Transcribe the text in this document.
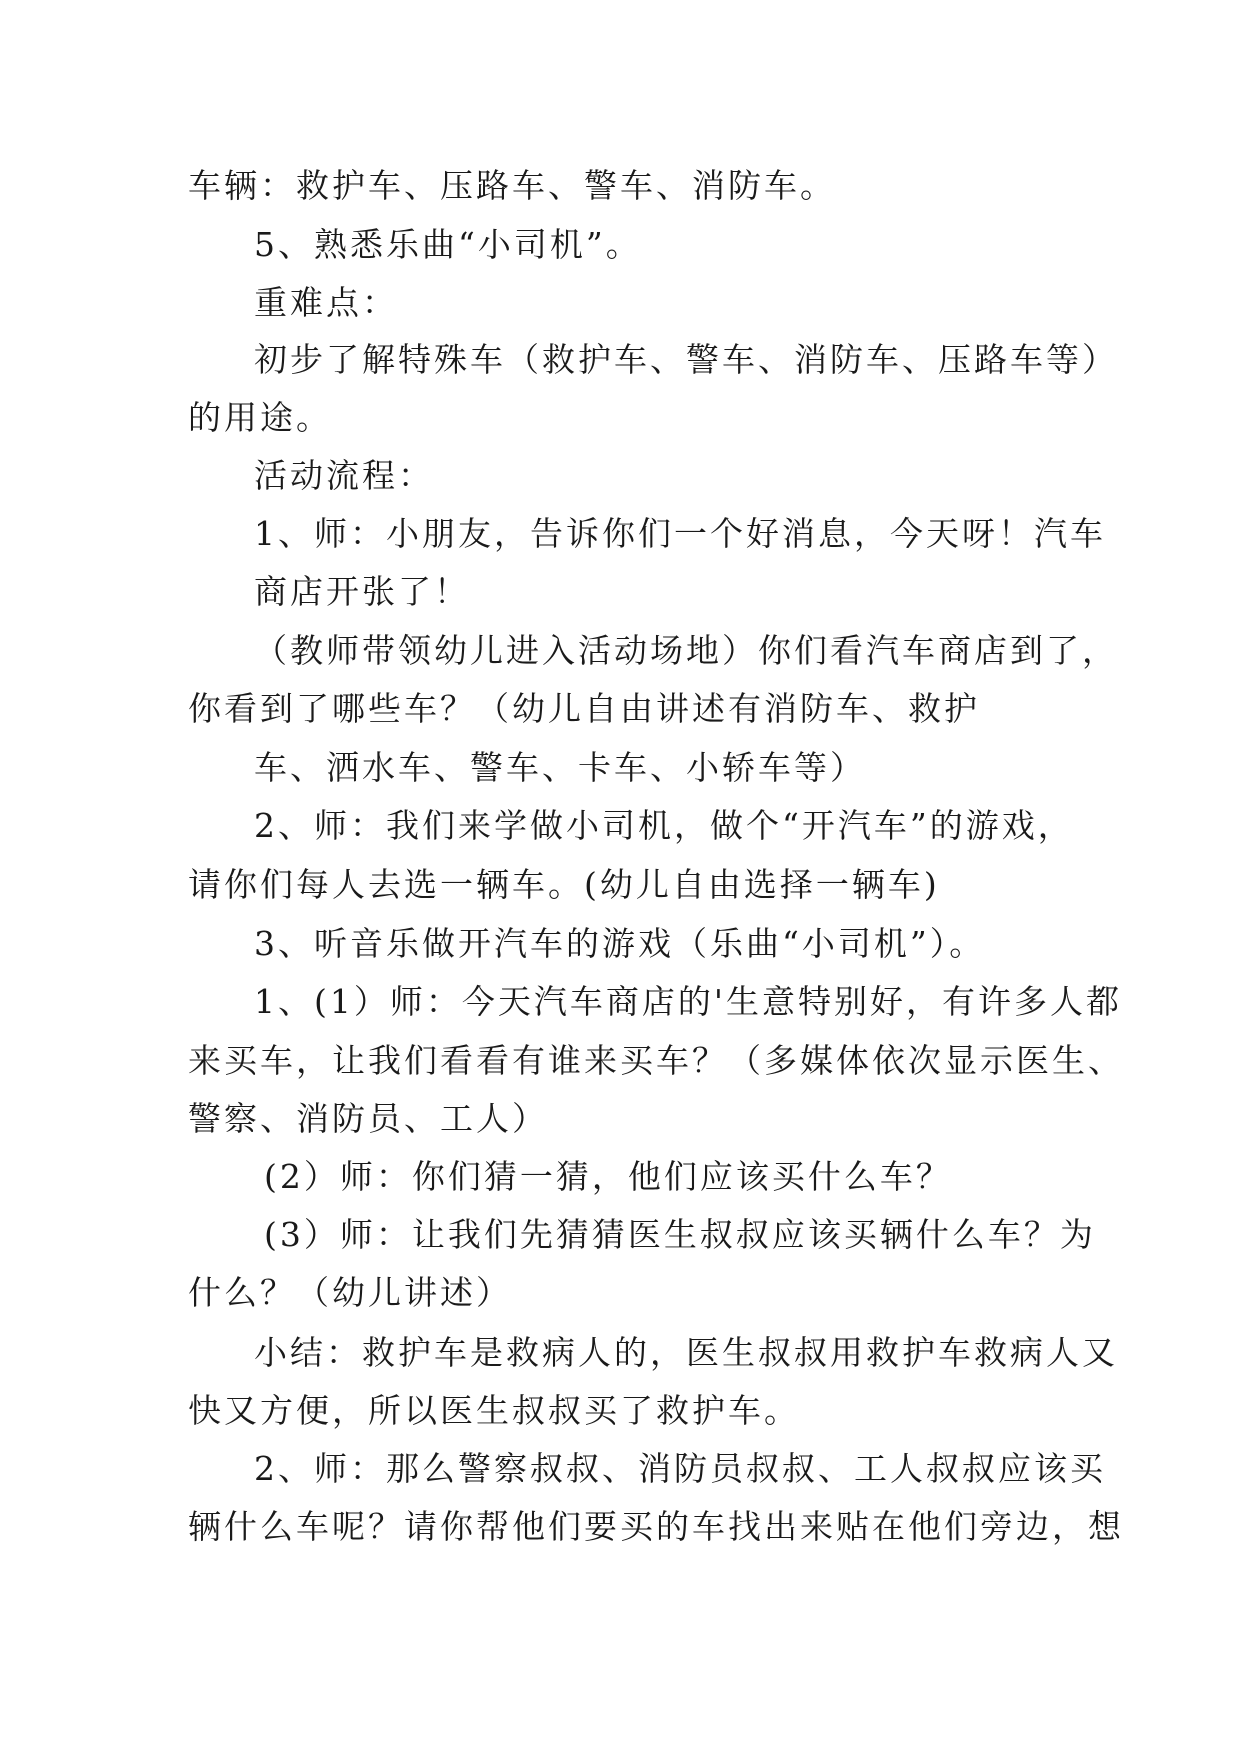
车辆：救护车、压路车、警车、消防车。
5、熟悉乐曲“小司机”。
重难点：
初步了解特殊车（救护车、警车、消防车、压路车等）
的用途。
活动流程：
1、师：小朋友，告诉你们一个好消息，今天呀！汽车
商店开张了！
（教师带领幼儿进入活动场地）你们看汽车商店到了，
你看到了哪些车？（幼儿自由讲述有消防车、救护
车、洒水车、警车、卡车、小轿车等）
2、师：我们来学做小司机，做个“开汽车”的游戏，
请你们每人去选一辆车。(幼儿自由选择一辆车)
3、听音乐做开汽车的游戏（乐曲“小司机”）。
1、(1）师：今天汽车商店的'生意特别好，有许多人都
来买车，让我们看看有谁来买车？（多媒体依次显示医生、
警察、消防员、工人）
(2）师：你们猜一猜，他们应该买什么车？
(3）师：让我们先猜猜医生叔叔应该买辆什么车？为
什么？（幼儿讲述）
小结：救护车是救病人的，医生叔叔用救护车救病人又
快又方便，所以医生叔叔买了救护车。
2、师：那么警察叔叔、消防员叔叔、工人叔叔应该买
辆什么车呢？请你帮他们要买的车找出来贴在他们旁边，想
